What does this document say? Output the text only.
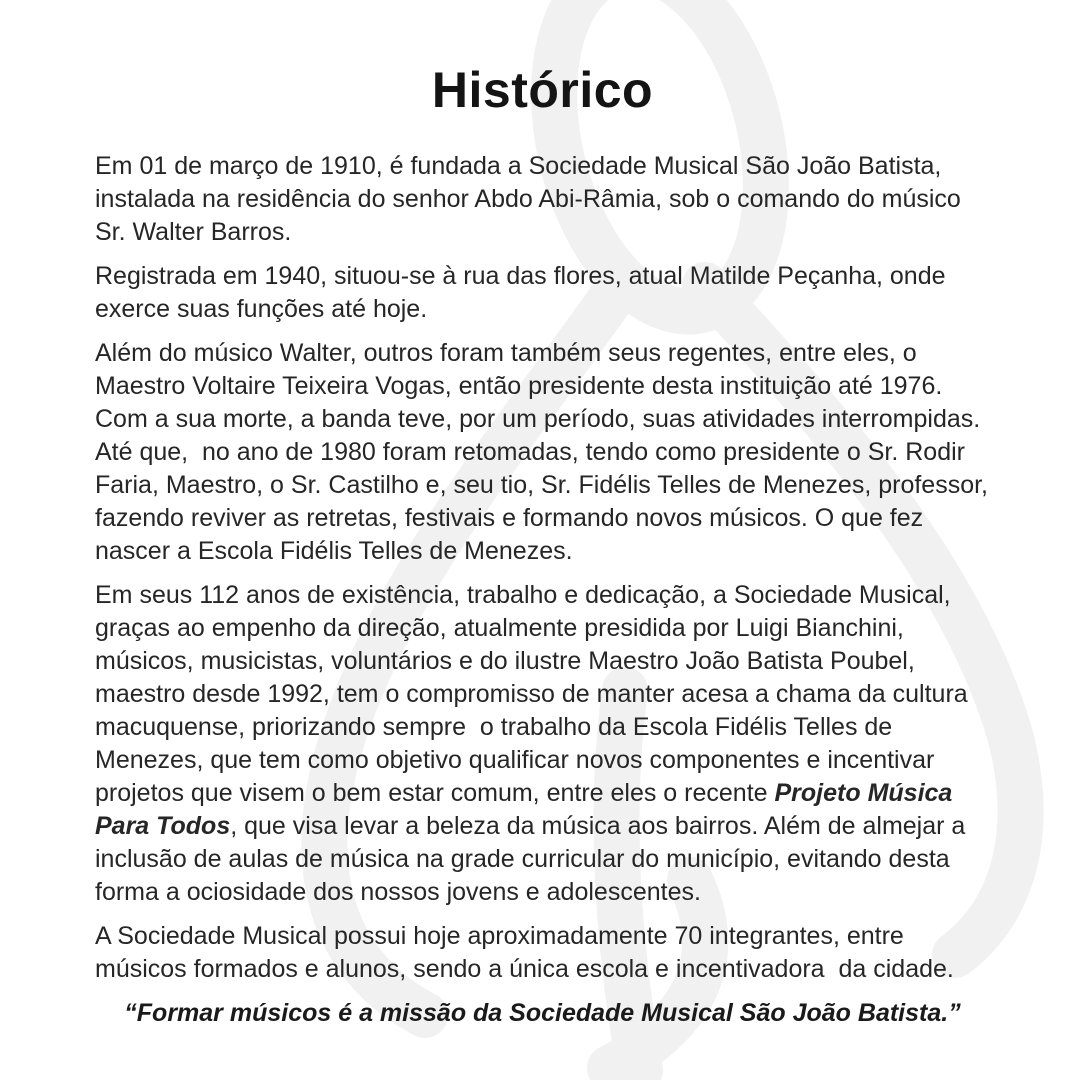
Histórico

Em 01 de março de 1910, é fundada a Sociedade Musical São João Batista,
instalada na residência do senhor Abdo Abi-Râmia, sob o comando do músico
Sr. Walter Barros.

Registrada em 1940, situou-se à rua das flores, atual Matilde Peçanha, onde
exerce suas funções até hoje.

Além do músico Walter, outros foram também seus regentes, entre eles, o
Maestro Voltaire Teixeira Vogas, então presidente desta instituição até 1976.
Com a sua morte, a banda teve, por um período, suas atividades interrompidas.
Até que,  no ano de 1980 foram retomadas, tendo como presidente o Sr. Rodir
Faria, Maestro, o Sr. Castilho e, seu tio, Sr. Fidélis Telles de Menezes, professor,
fazendo reviver as retretas, festivais e formando novos músicos. O que fez
nascer a Escola Fidélis Telles de Menezes.

Em seus 112 anos de existência, trabalho e dedicação, a Sociedade Musical,
graças ao empenho da direção, atualmente presidida por Luigi Bianchini,
músicos, musicistas, voluntários e do ilustre Maestro João Batista Poubel,
maestro desde 1992, tem o compromisso de manter acesa a chama da cultura
macuquense, priorizando sempre  o trabalho da Escola Fidélis Telles de
Menezes, que tem como objetivo qualificar novos componentes e incentivar
projetos que visem o bem estar comum, entre eles o recente Projeto Música
Para Todos, que visa levar a beleza da música aos bairros. Além de almejar a
inclusão de aulas de música na grade curricular do município, evitando desta
forma a ociosidade dos nossos jovens e adolescentes.

A Sociedade Musical possui hoje aproximadamente 70 integrantes, entre
músicos formados e alunos, sendo a única escola e incentivadora  da cidade.

“Formar músicos é a missão da Sociedade Musical São João Batista.”
